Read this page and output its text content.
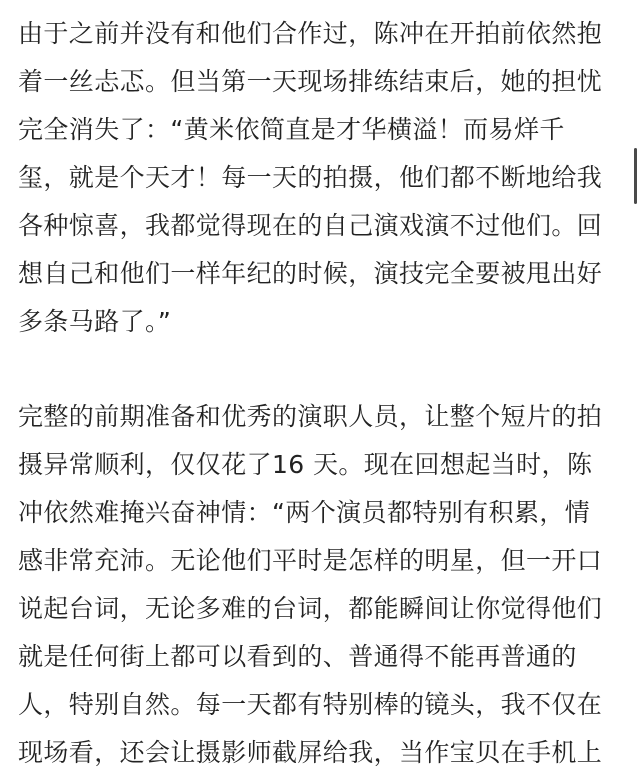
由于之前并没有和他们合作过，陈冲在开拍前依然抱
着一丝忐忑。但当第一天现场排练结束后，她的担忧
完全消失了：“黄米依简直是才华横溢！而易烊千
玺，就是个天才！每一天的拍摄，他们都不断地给我
各种惊喜，我都觉得现在的自己演戏演不过他们。回
想自己和他们一样年纪的时候，演技完全要被甩出好
多条马路了。”
完整的前期准备和优秀的演职人员，让整个短片的拍
摄异常顺利，仅仅花了16 天。现在回想起当时，陈
冲依然难掩兴奋神情：“两个演员都特别有积累，情
感非常充沛。无论他们平时是怎样的明星，但一开口
说起台词，无论多难的台词，都能瞬间让你觉得他们
就是任何街上都可以看到的、普通得不能再普通的
人，特别自然。每一天都有特别棒的镜头，我不仅在
现场看，还会让摄影师截屏给我，当作宝贝在手机上
